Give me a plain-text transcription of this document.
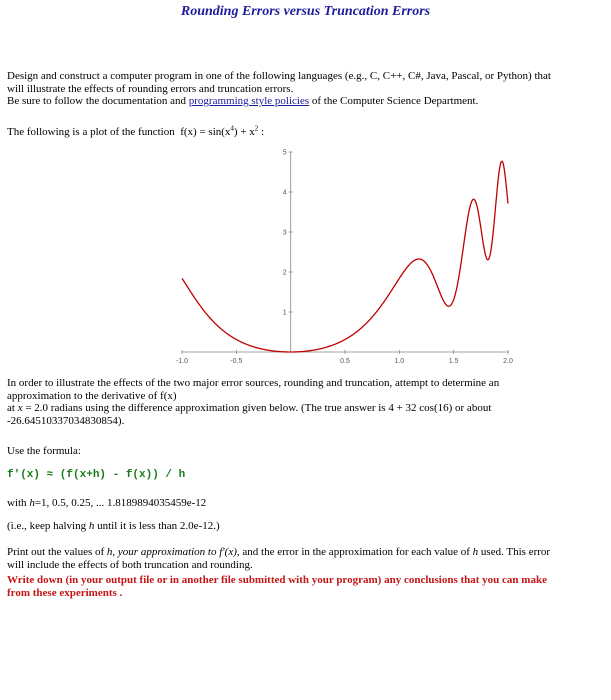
Rounding Errors versus Truncation Errors
Design and construct a computer program in one of the following languages (e.g., C, C++, C#, Java, Pascal, or Python) that
will illustrate the effects of rounding errors and truncation errors.
Be sure to follow the documentation and programming style policies of the Computer Science Department.
The following is a plot of the function $f(x) = \sin(x^4) + x^2$ :
-1.0	-0.5	0.5	1.0	1.5	2.0
1
2
3
4
5
In order to illustrate the effects of the two major error sources, rounding and truncation, attempt to determine an
approximation to the derivative of f(x)
at x = 2.0 radians using the difference approximation given below. (The true answer is 4 + 32 cos(16) or about
-26.64510337034830854).
Use the formula:
f'(x) ≈ (f(x+h) - f(x)) / h
with h=1, 0.5, 0.25, ... 1.8189894035459e-12
(i.e., keep halving h until it is less than 2.0e-12.)
Print out the values of h, your approximation to f'(x), and the error in the approximation for each value of h used. This error
will include the effects of both truncation and rounding.
Write down (in your output file or in another file submitted with your program) any conclusions that you can make
from these experiments .
